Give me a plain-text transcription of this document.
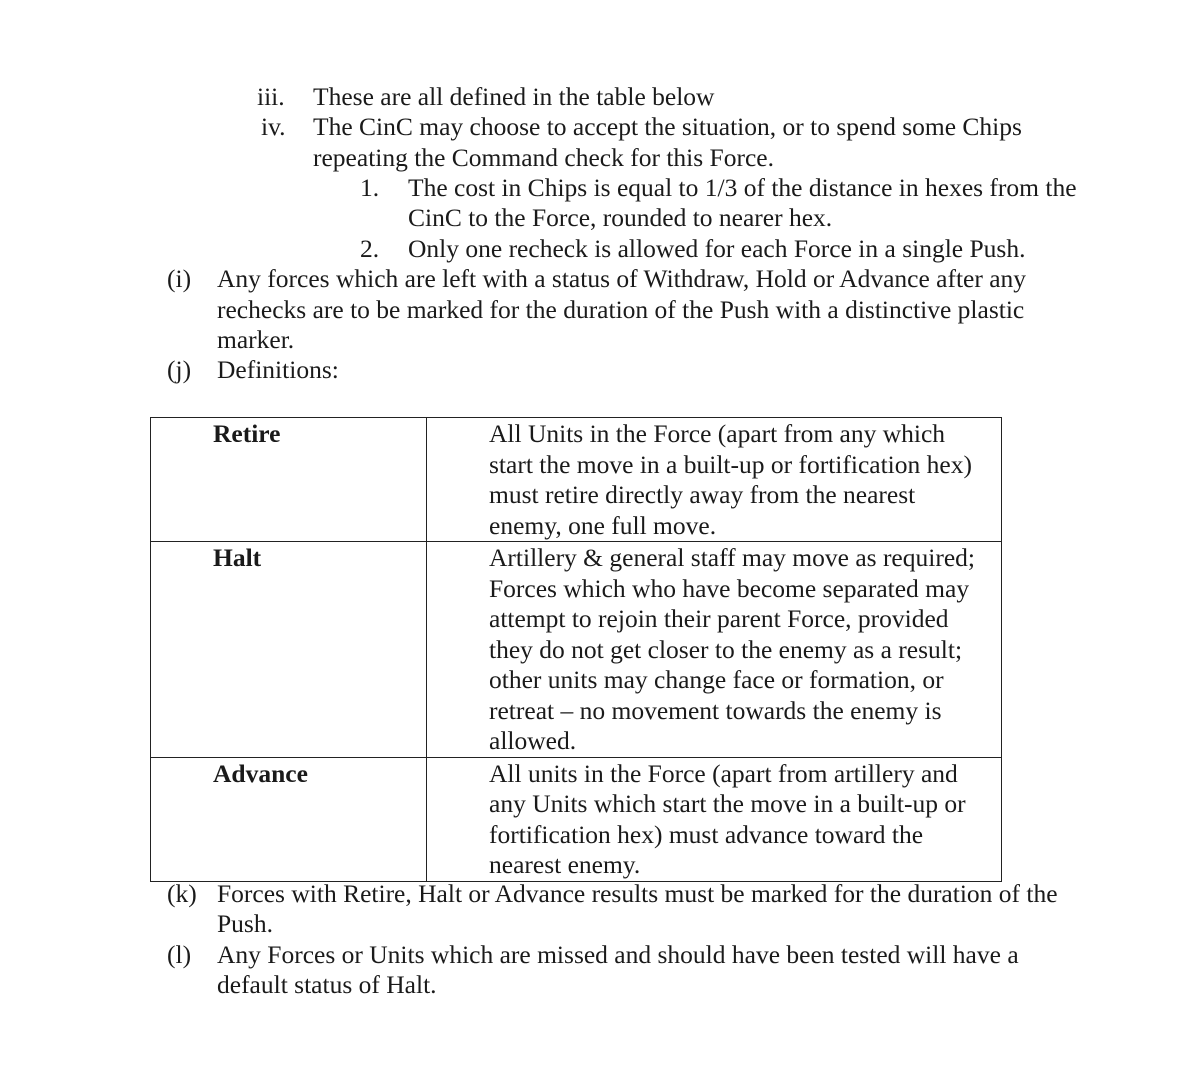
iii. These are all defined in the table below
iv. The CinC may choose to accept the situation, or to spend some Chips
repeating the Command check for this Force.
1. The cost in Chips is equal to 1/3 of the distance in hexes from the
CinC to the Force, rounded to nearer hex.
2. Only one recheck is allowed for each Force in a single Push.
(i) Any forces which are left with a status of Withdraw, Hold or Advance after any
rechecks are to be marked for the duration of the Push with a distinctive plastic
marker.
(j) Definitions:
Retire	All Units in the Force (apart from any which start the move in a built-up or fortification hex) must retire directly away from the nearest enemy, one full move.

Halt	Artillery & general staff may move as required; Forces which who have become separated may attempt to rejoin their parent Force, provided they do not get closer to the enemy as a result; other units may change face or formation, or retreat – no movement towards the enemy is allowed.

Advance	All units in the Force (apart from artillery and any Units which start the move in a built-up or fortification hex) must advance toward the nearest enemy.
(k) Forces with Retire, Halt or Advance results must be marked for the duration of the
Push.
(l) Any Forces or Units which are missed and should have been tested will have a
default status of Halt.
